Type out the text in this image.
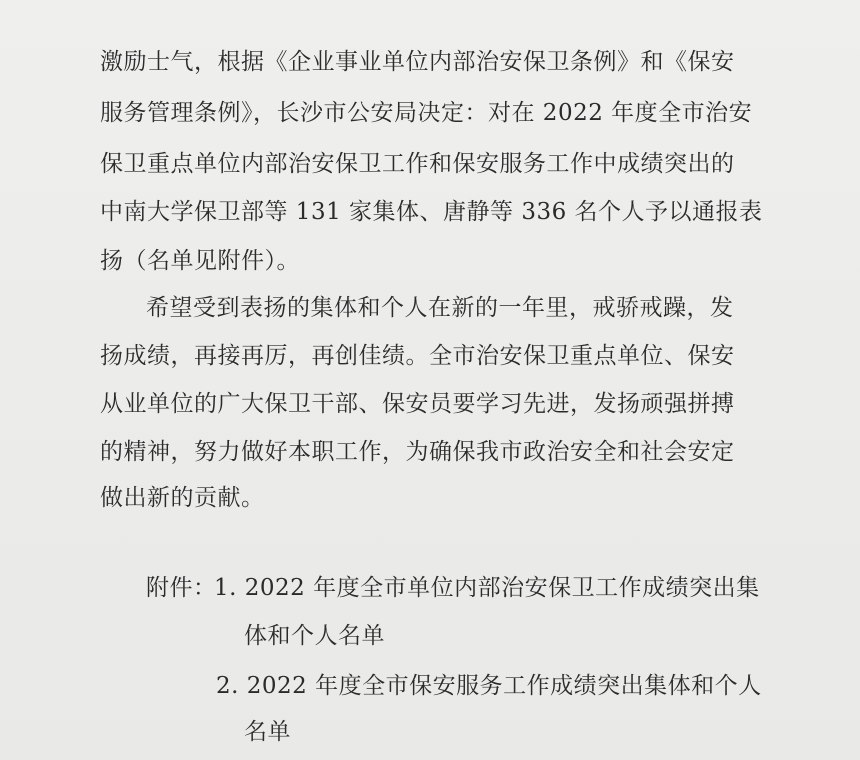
激励士气，根据《企业事业单位内部治安保卫条例》和《保安
服务管理条例》，长沙市公安局决定：对在 2022 年度全市治安
保卫重点单位内部治安保卫工作和保安服务工作中成绩突出的
中南大学保卫部等 131 家集体、唐静等 336 名个人予以通报表
扬（名单见附件）。
希望受到表扬的集体和个人在新的一年里，戒骄戒躁，发
扬成绩，再接再厉，再创佳绩。全市治安保卫重点单位、保安
从业单位的广大保卫干部、保安员要学习先进，发扬顽强拼搏
的精神，努力做好本职工作，为确保我市政治安全和社会安定
做出新的贡献。
附件：
1. 2022 年度全市单位内部治安保卫工作成绩突出集
体和个人名单
2. 2022 年度全市保安服务工作成绩突出集体和个人
名单
